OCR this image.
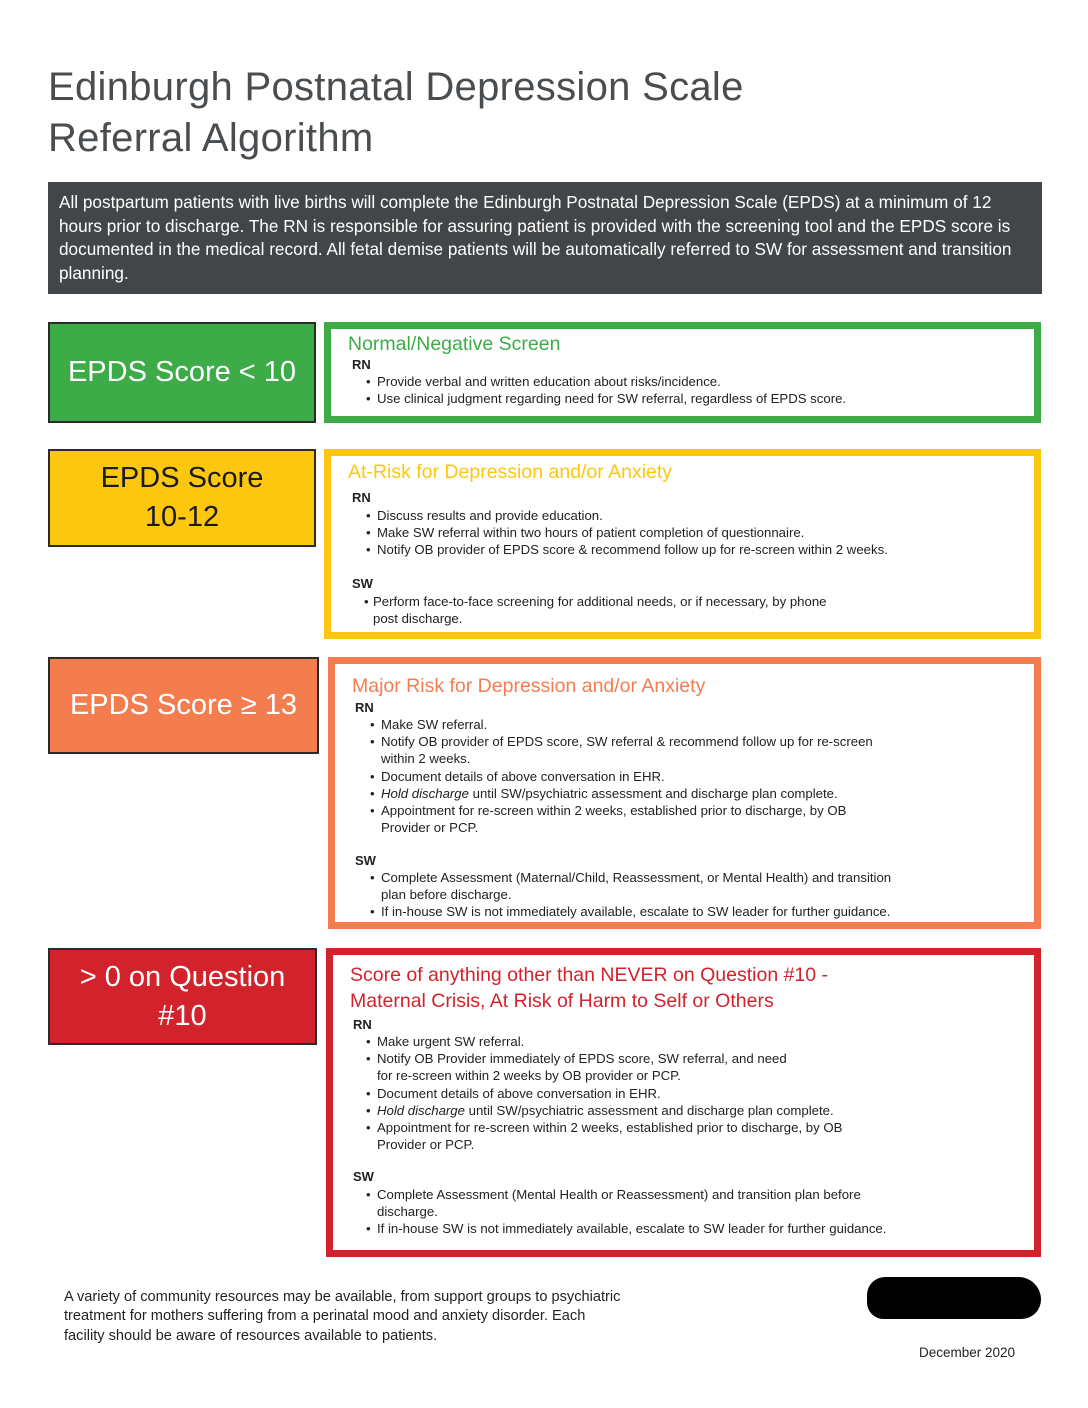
Edinburgh Postnatal Depression Scale
Referral Algorithm
All postpartum patients with live births will complete the Edinburgh Postnatal Depression Scale (EPDS) at a minimum of 12 hours prior to discharge. The RN is responsible for assuring patient is provided with the screening tool and the EPDS score is documented in the medical record. All fetal demise patients will be automatically referred to SW for assessment and transition planning.
EPDS Score < 10
Normal/Negative Screen
RN
• Provide verbal and written education about risks/incidence.
• Use clinical judgment regarding need for SW referral, regardless of EPDS score.
EPDS Score
10-12
At-Risk for Depression and/or Anxiety
RN
• Discuss results and provide education.
• Make SW referral within two hours of patient completion of questionnaire.
• Notify OB provider of EPDS score & recommend follow up for re-screen within 2 weeks.
SW
• Perform face-to-face screening for additional needs, or if necessary, by phone
post discharge.
EPDS Score ≥ 13
Major Risk for Depression and/or Anxiety
RN
• Make SW referral.
• Notify OB provider of EPDS score, SW referral & recommend follow up for re-screen
within 2 weeks.
• Document details of above conversation in EHR.
• Hold discharge until SW/psychiatric assessment and discharge plan complete.
• Appointment for re-screen within 2 weeks, established prior to discharge, by OB
Provider or PCP.
SW
• Complete Assessment (Maternal/Child, Reassessment, or Mental Health) and transition
plan before discharge.
• If in-house SW is not immediately available, escalate to SW leader for further guidance.
> 0 on Question
#10
Score of anything other than NEVER on Question #10 -
Maternal Crisis, At Risk of Harm to Self or Others
RN
• Make urgent SW referral.
• Notify OB Provider immediately of EPDS score, SW referral, and need
for re-screen within 2 weeks by OB provider or PCP.
• Document details of above conversation in EHR.
• Hold discharge until SW/psychiatric assessment and discharge plan complete.
• Appointment for re-screen within 2 weeks, established prior to discharge, by OB
Provider or PCP.
SW
• Complete Assessment (Mental Health or Reassessment) and transition plan before
discharge.
• If in-house SW is not immediately available, escalate to SW leader for further guidance.
A variety of community resources may be available, from support groups to psychiatric
treatment for mothers suffering from a perinatal mood and anxiety disorder. Each
facility should be aware of resources available to patients.
December 2020
